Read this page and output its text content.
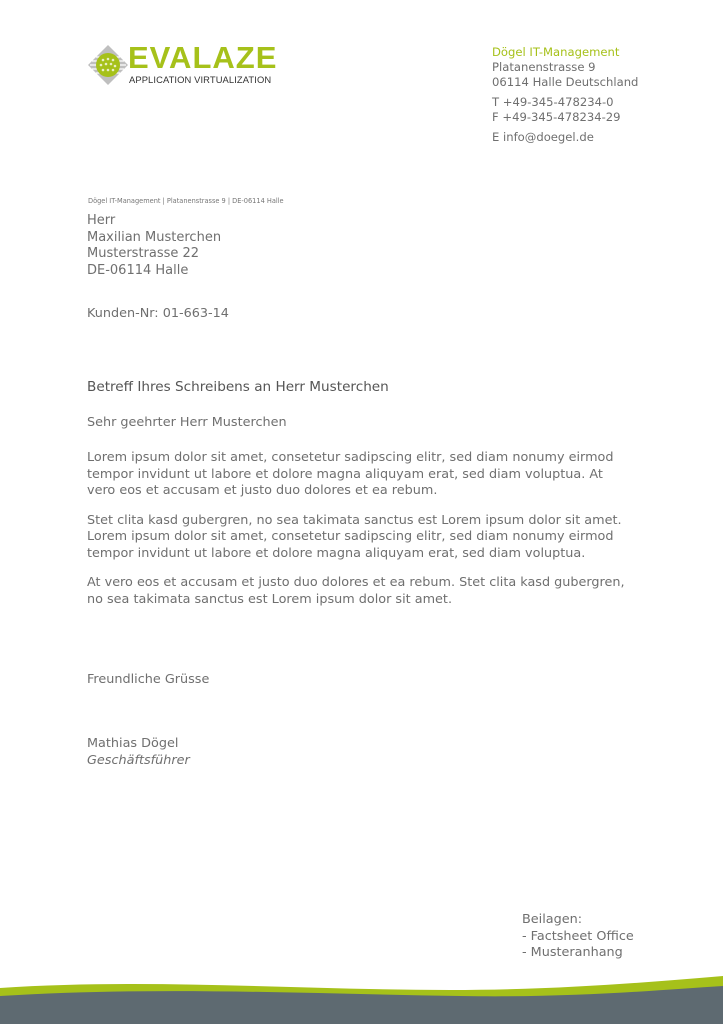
EVALAZE
APPLICATION VIRTUALIZATION
Dögel IT-Management
Platanenstrasse 9
06114 Halle Deutschland
T +49-345-478234-0
F +49-345-478234-29
E info@doegel.de
Dögel IT-Management | Platanenstrasse 9 | DE-06114 Halle
Herr
Maxilian Musterchen
Musterstrasse 22
DE-06114 Halle
Kunden-Nr: 01-663-14
Betreff Ihres Schreibens an Herr Musterchen
Sehr geehrter Herr Musterchen

Lorem ipsum dolor sit amet, consetetur sadipscing elitr, sed diam nonumy eirmod tempor invidunt ut labore et dolore magna aliquyam erat, sed diam voluptua. At vero eos et accusam et justo duo dolores et ea rebum.

Stet clita kasd gubergren, no sea takimata sanctus est Lorem ipsum dolor sit amet. Lorem ipsum dolor sit amet, consetetur sadipscing elitr, sed diam nonumy eirmod tempor invidunt ut labore et dolore magna aliquyam erat, sed diam voluptua.

At vero eos et accusam et justo duo dolores et ea rebum. Stet clita kasd gubergren, no sea takimata sanctus est Lorem ipsum dolor sit amet.

Freundliche Grüsse
Mathias Dögel
Geschäftsführer
Beilagen:
- Factsheet Office
- Musteranhang
